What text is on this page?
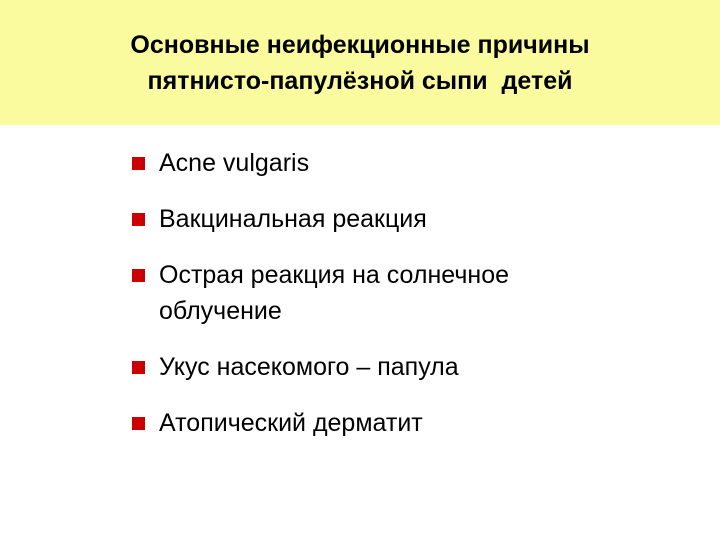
Основные неифекционные причины
пятнисто-папулёзной сыпи  детей
Acne vulgaris
Вакцинальная реакция
Острая реакция на солнечное
облучение
Укус насекомого – папула
Атопический дерматит
